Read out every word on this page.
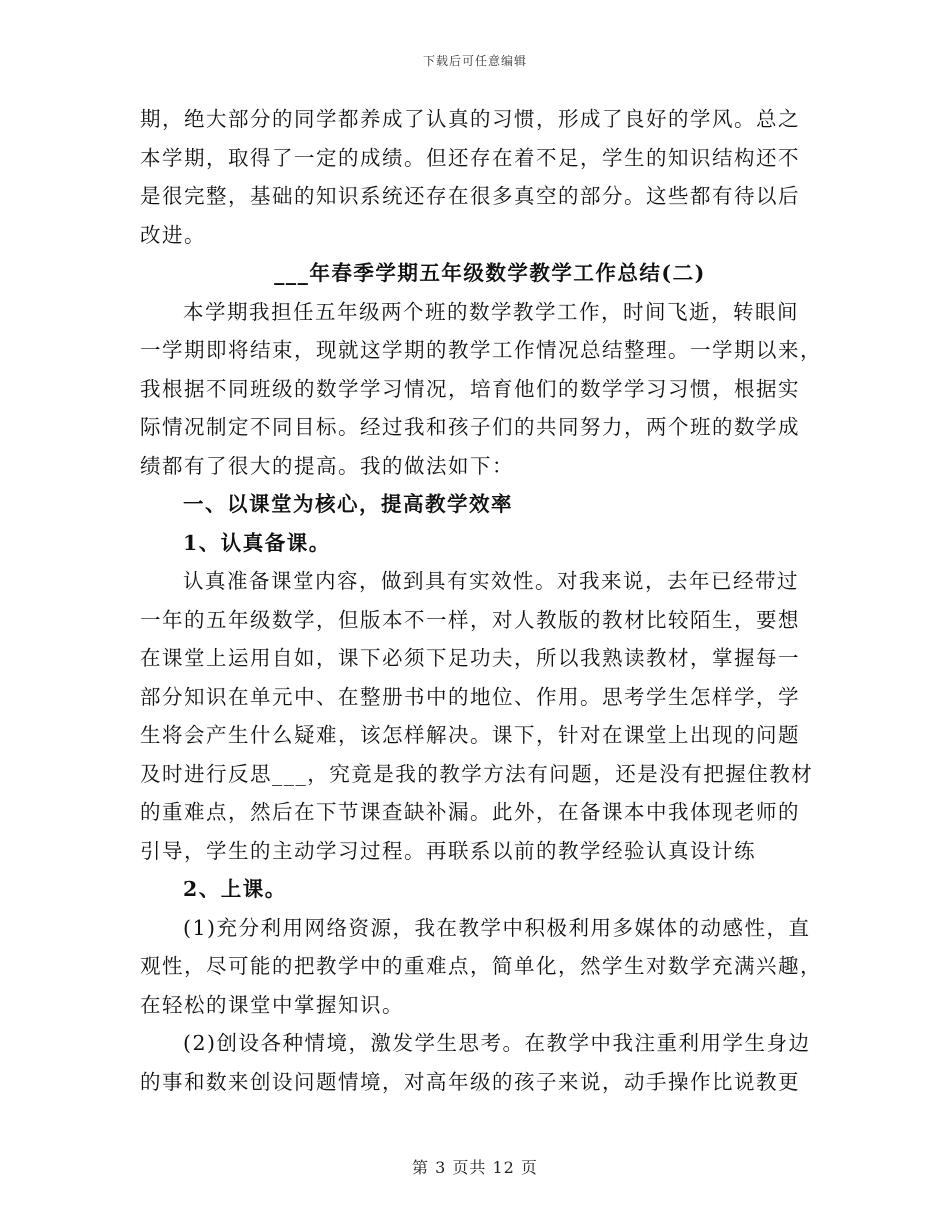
下载后可任意编辑
期，绝大部分的同学都养成了认真的习惯，形成了良好的学风。总之
本学期，取得了一定的成绩。但还存在着不足，学生的知识结构还不
是很完整，基础的知识系统还存在很多真空的部分。这些都有待以后
改进。
___年春季学期五年级数学教学工作总结(二)
本学期我担任五年级两个班的数学教学工作，时间飞逝，转眼间
一学期即将结束，现就这学期的教学工作情况总结整理。一学期以来，
我根据不同班级的数学学习情况，培育他们的数学学习习惯，根据实
际情况制定不同目标。经过我和孩子们的共同努力，两个班的数学成
绩都有了很大的提高。我的做法如下：
一、以课堂为核心，提高教学效率
1、认真备课。
认真准备课堂内容，做到具有实效性。对我来说，去年已经带过
一年的五年级数学，但版本不一样，对人教版的教材比较陌生，要想
在课堂上运用自如，课下必须下足功夫，所以我熟读教材，掌握每一
部分知识在单元中、在整册书中的地位、作用。思考学生怎样学，学
生将会产生什么疑难，该怎样解决。课下，针对在课堂上出现的问题
及时进行反思___，究竟是我的教学方法有问题，还是没有把握住教材
的重难点，然后在下节课查缺补漏。此外，在备课本中我体现老师的
引导，学生的主动学习过程。再联系以前的教学经验认真设计练
2、上课。
(1)充分利用网络资源，我在教学中积极利用多媒体的动感性，直
观性，尽可能的把教学中的重难点，简单化，然学生对数学充满兴趣，
在轻松的课堂中掌握知识。
(2)创设各种情境，激发学生思考。在教学中我注重利用学生身边
的事和数来创设问题情境，对高年级的孩子来说，动手操作比说教更
第 3 页共 12 页
